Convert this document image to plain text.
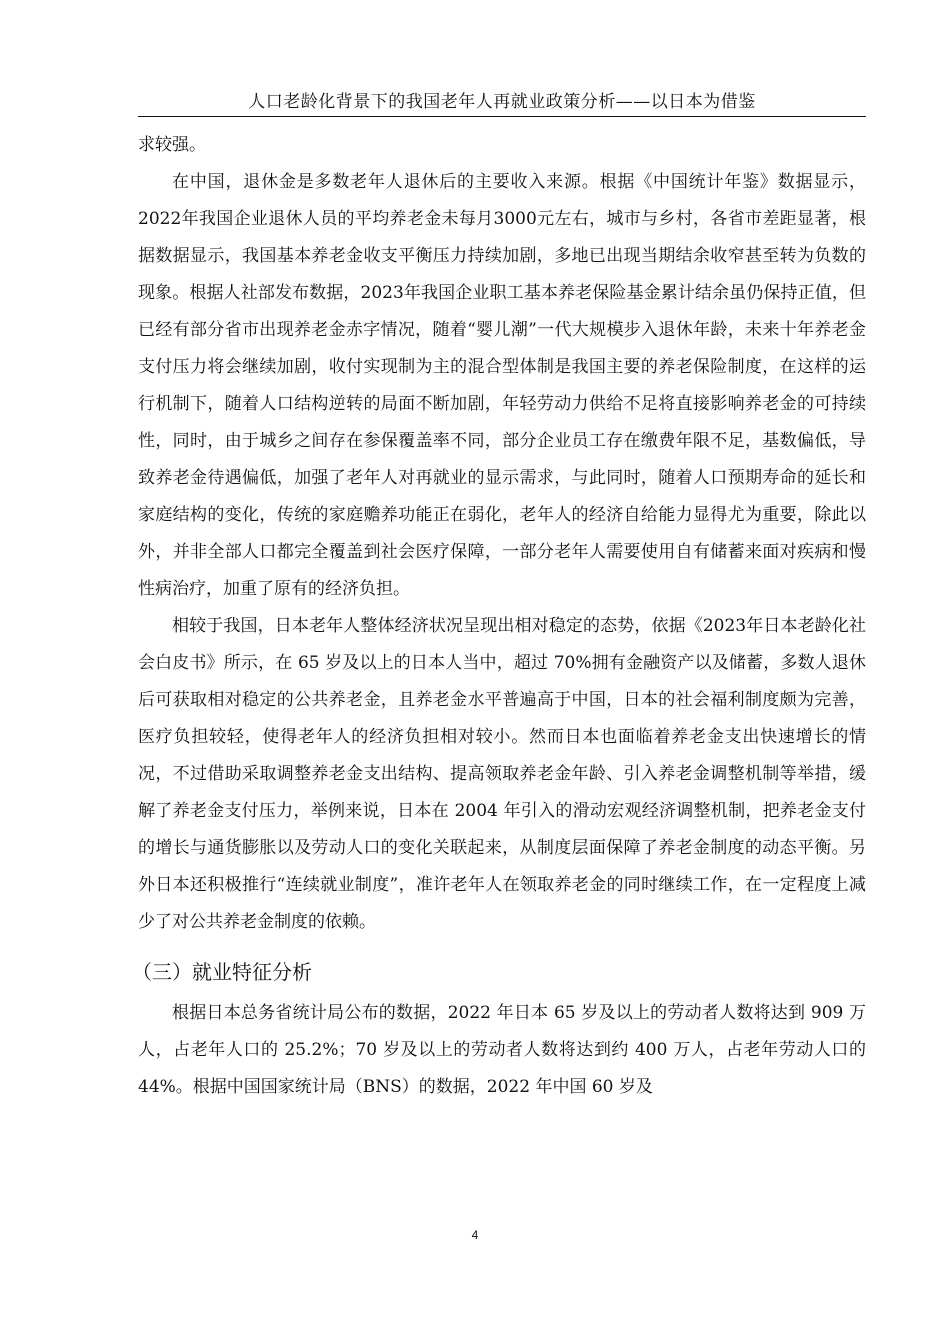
人口老龄化背景下的我国老年人再就业政策分析——以日本为借鉴

求较强。

在中国，退休金是多数老年人退休后的主要收入来源。根据《中国统计年鉴》数据显示，2022年我国企业退休人员的平均养老金未每月3000元左右，城市与乡村，各省市差距显著，根据数据显示，我国基本养老金收支平衡压力持续加剧，多地已出现当期结余收窄甚至转为负数的现象。根据人社部发布数据，2023年我国企业职工基本养老保险基金累计结余虽仍保持正值，但已经有部分省市出现养老金赤字情况，随着“婴儿潮”一代大规模步入退休年龄，未来十年养老金支付压力将会继续加剧，收付实现制为主的混合型体制是我国主要的养老保险制度，在这样的运行机制下，随着人口结构逆转的局面不断加剧，年轻劳动力供给不足将直接影响养老金的可持续性，同时，由于城乡之间存在参保覆盖率不同，部分企业员工存在缴费年限不足，基数偏低，导致养老金待遇偏低，加强了老年人对再就业的显示需求，与此同时，随着人口预期寿命的延长和家庭结构的变化，传统的家庭赡养功能正在弱化，老年人的经济自给能力显得尤为重要，除此以外，并非全部人口都完全覆盖到社会医疗保障，一部分老年人需要使用自有储蓄来面对疾病和慢性病治疗，加重了原有的经济负担。

相较于我国，日本老年人整体经济状况呈现出相对稳定的态势，依据《2023年日本老龄化社会白皮书》所示，在 65 岁及以上的日本人当中，超过 70%拥有金融资产以及储蓄，多数人退休后可获取相对稳定的公共养老金，且养老金水平普遍高于中国，日本的社会福利制度颇为完善，医疗负担较轻，使得老年人的经济负担相对较小。然而日本也面临着养老金支出快速增长的情况，不过借助采取调整养老金支出结构、提高领取养老金年龄、引入养老金调整机制等举措，缓解了养老金支付压力，举例来说，日本在 2004 年引入的滑动宏观经济调整机制，把养老金支付的增长与通货膨胀以及劳动人口的变化关联起来，从制度层面保障了养老金制度的动态平衡。另外日本还积极推行“连续就业制度”，准许老年人在领取养老金的同时继续工作，在一定程度上减少了对公共养老金制度的依赖。

（三）就业特征分析

根据日本总务省统计局公布的数据，2022 年日本 65 岁及以上的劳动者人数将达到 909 万人，占老年人口的 25.2%；70 岁及以上的劳动者人数将达到约 400 万人，占老年劳动人口的 44%。根据中国国家统计局（BNS）的数据，2022 年中国 60 岁及

4
